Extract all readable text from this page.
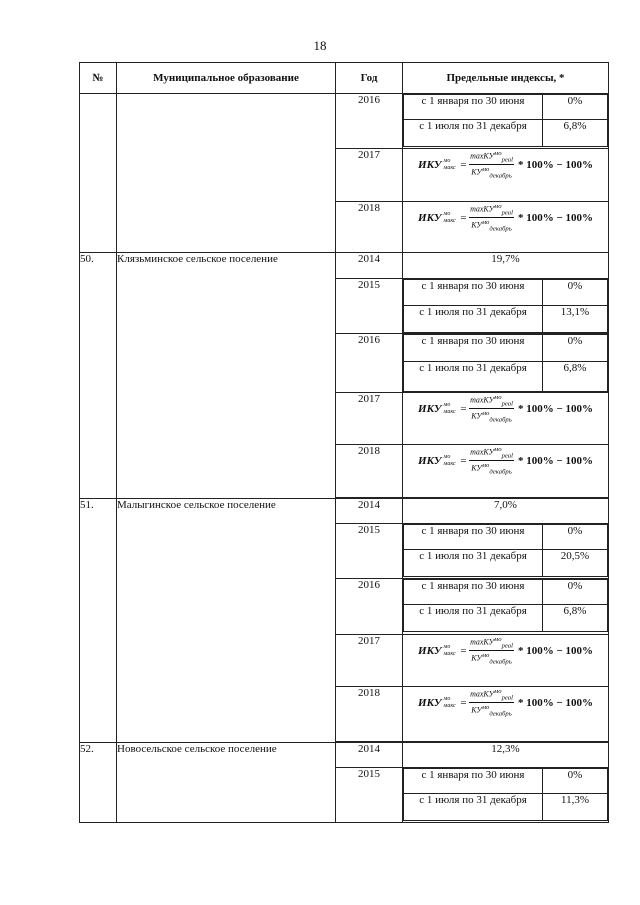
18
№	Муниципальное образование	Год	Предельные индексы, *
		2016		с 1 января по 30 июня	0%
с 1 июля по 31 декабря	6,8%

2017	
ИКУ мо
макс = $\frac{\max КУ^{мо}_{реаl}}{КУ^{мо}_{декабрь}} * 100\% - 100\%$

2018	
ИКУ мо
макс = $\frac{\max КУ^{мо}_{реаl}}{КУ^{мо}_{декабрь}} * 100\% - 100\%$

50.	Клязьминское сельское поселение	2014	19,7%
2015		с 1 января по 30 июня	0%
с 1 июля по 31 декабря	13,1%

2016		с 1 января по 30 июня	0%
с 1 июля по 31 декабря	6,8%

2017	
ИКУ мо
макс = $\frac{\max КУ^{мо}_{реаl}}{КУ^{мо}_{декабрь}} * 100\% - 100\%$

2018	
ИКУ мо
макс = $\frac{\max КУ^{мо}_{реаl}}{КУ^{мо}_{декабрь}} * 100\% - 100\%$

51.	Малыгинское сельское поселение	2014	7,0%
2015		с 1 января по 30 июня	0%
с 1 июля по 31 декабря	20,5%

2016		с 1 января по 30 июня	0%
с 1 июля по 31 декабря	6,8%

2017	
ИКУ мо
макс = $\frac{\max КУ^{мо}_{реаl}}{КУ^{мо}_{декабрь}} * 100\% - 100\%$

2018	
ИКУ мо
макс = $\frac{\max КУ^{мо}_{реаl}}{КУ^{мо}_{декабрь}} * 100\% - 100\%$

52.	Новосельское сельское поселение	2014	12,3%
2015		с 1 января по 30 июня	0%
с 1 июля по 31 декабря	11,3%
